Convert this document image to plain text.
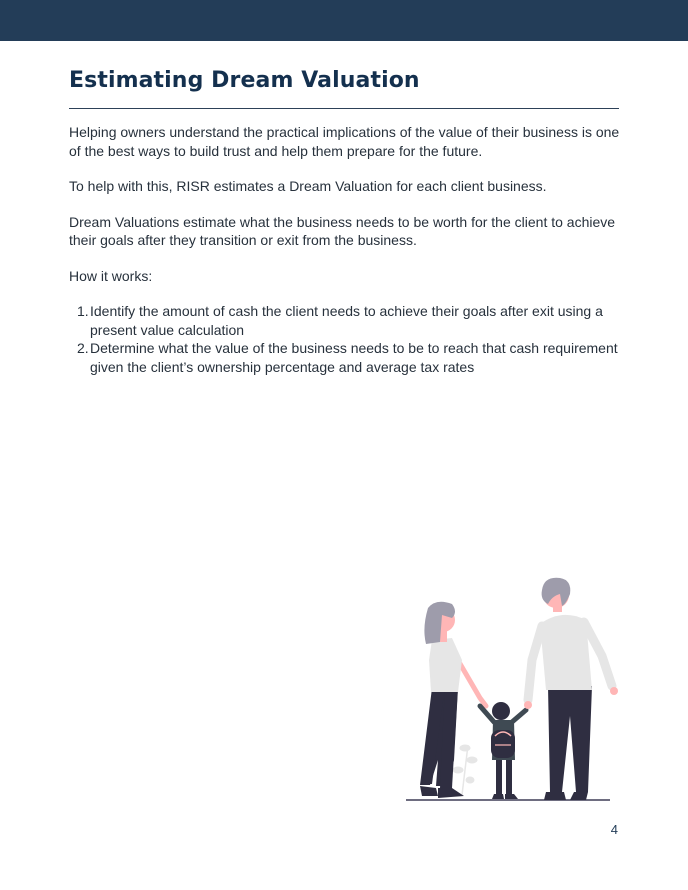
Estimating Dream Valuation

Helping owners understand the practical implications of the value of their business is one of the best ways to build trust and help them prepare for the future.

To help with this, RISR estimates a Dream Valuation for each client business.

Dream Valuations estimate what the business needs to be worth for the client to achieve their goals after they transition or exit from the business.

How it works:

1. Identify the amount of cash the client needs to achieve their goals after exit using a present value calculation
2. Determine what the value of the business needs to be to reach that cash requirement given the client’s ownership percentage and average tax rates
4
